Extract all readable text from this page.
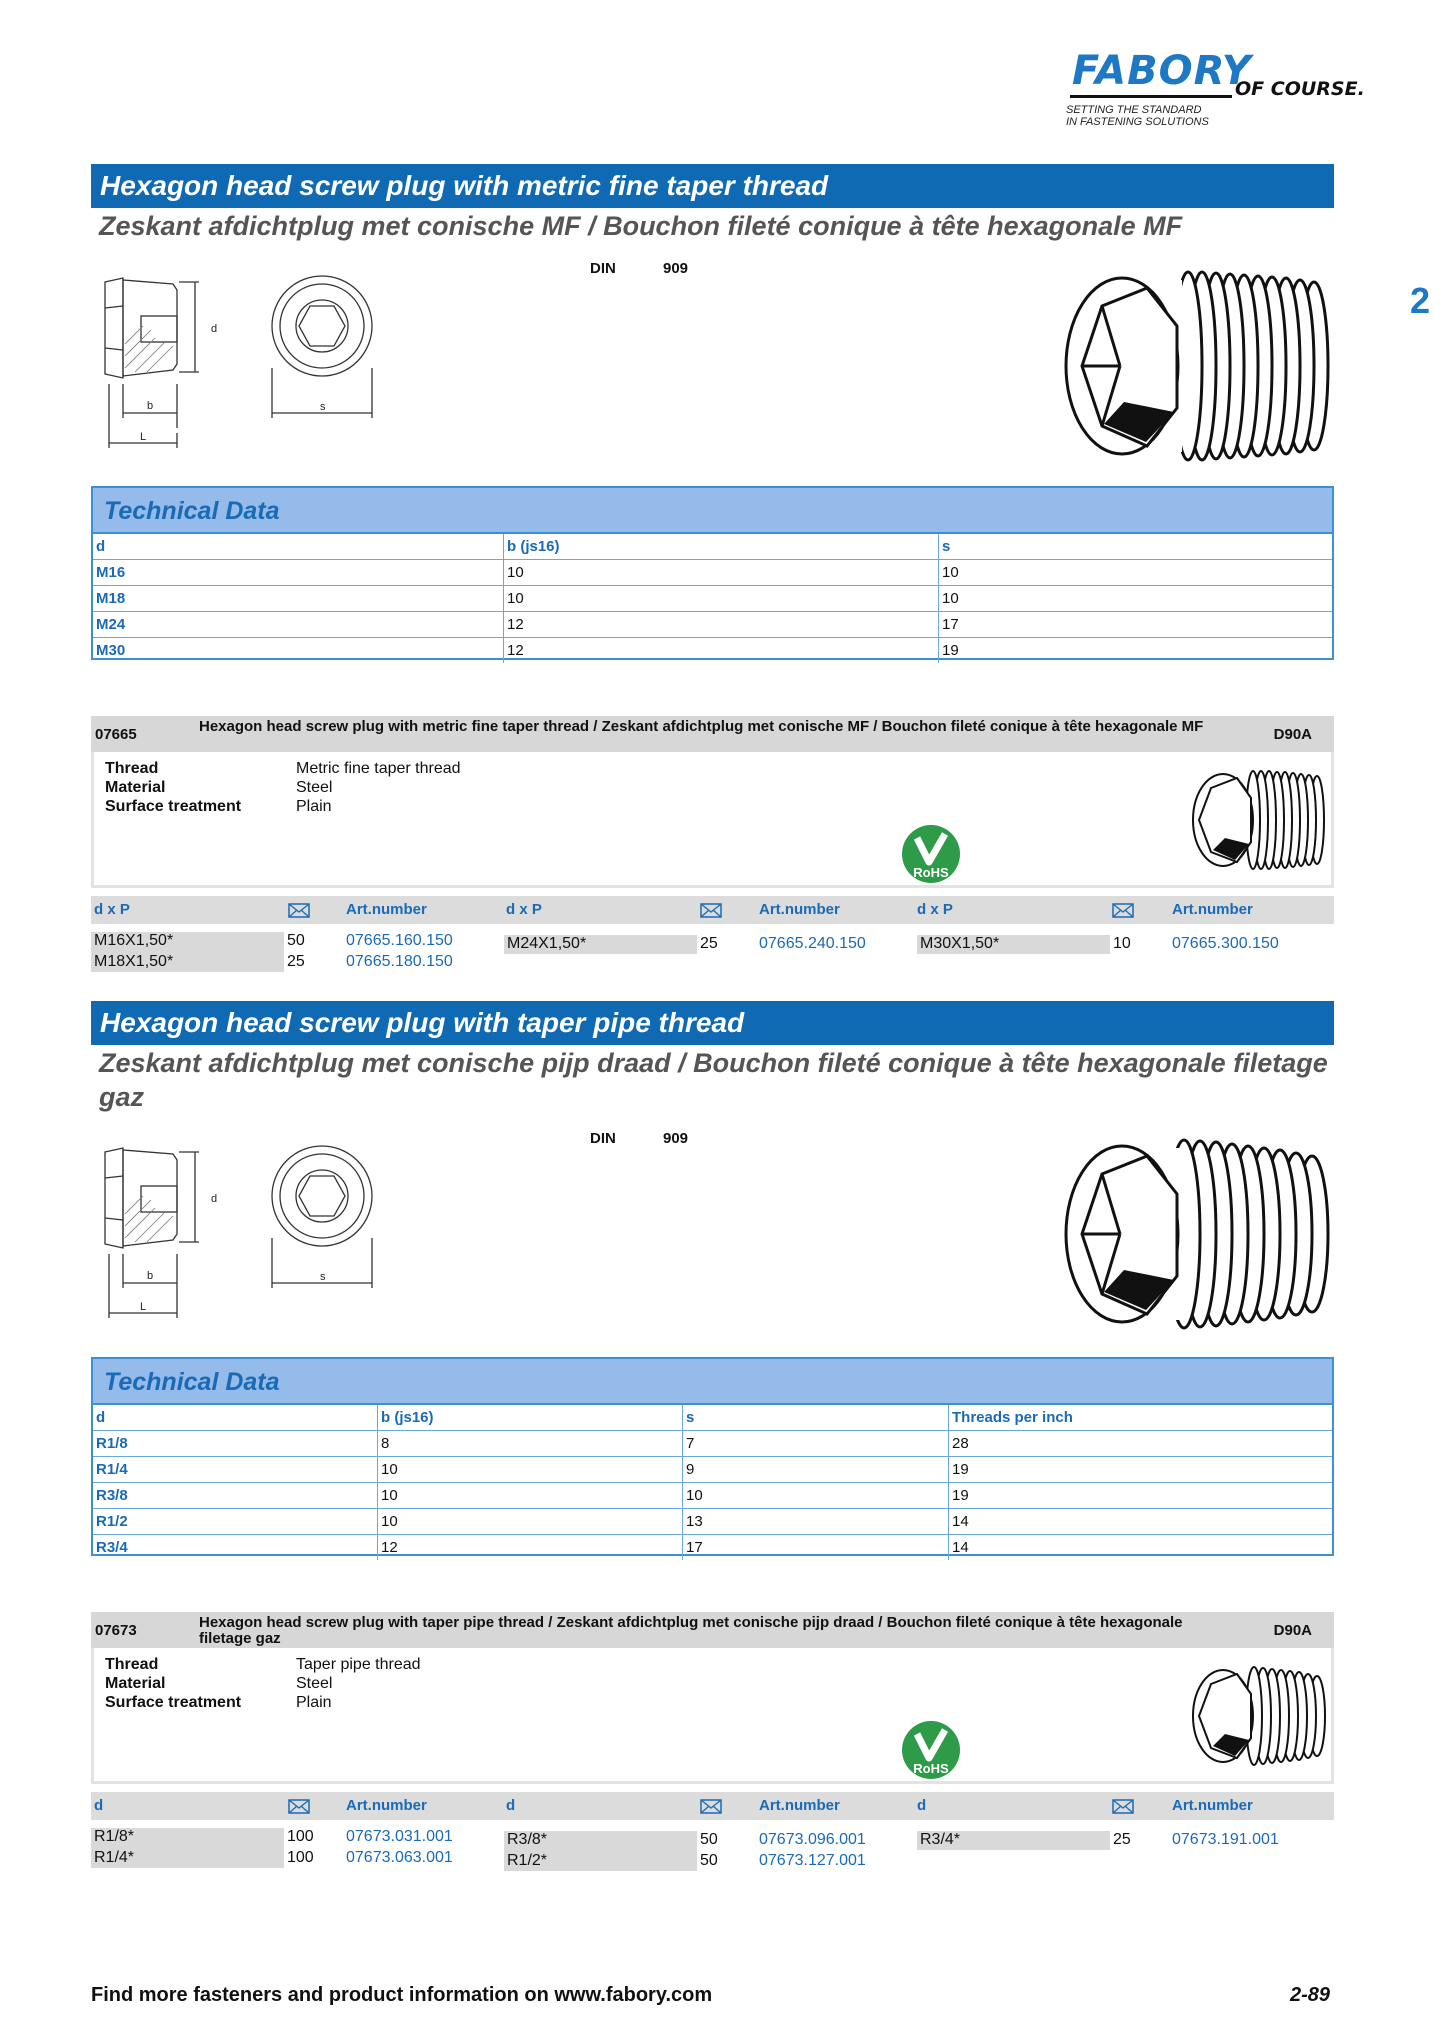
FABORY
OF COURSE.
SETTING THE STANDARD
IN FASTENING SOLUTIONS
2
Hexagon head screw plug with metric fine taper thread
Zeskant afdichtplug met conische MF / Bouchon fileté conique à tête hexagonale MF
DIN	909
d
b
L
s
Technical Data
d	b (js16)	s
M16	10	10
M18	10	10
M24	12	17
M30	12	19
07665	Hexagon head screw plug with metric fine taper thread / Zeskant afdichtplug met conische MF / Bouchon fileté conique à tête hexagonale MF	D90A
Thread	Metric fine taper thread
Material	Steel
Surface treatment	Plain
RoHS
d x P	Art.number	d x P	Art.number	d x P	Art.number
M16X1,50*	50	07665.160.150
M18X1,50*	25	07665.180.150
M24X1,50*	25	07665.240.150	M30X1,50*	10	07665.300.150
Hexagon head screw plug with taper pipe thread
Zeskant afdichtplug met conische pijp draad / Bouchon fileté conique à tête hexagonale filetage gaz
DIN	909
d
b
L
s
Technical Data
d	b (js16)	s	Threads per inch
R1/8	8	7	28
R1/4	10	9	19
R3/8	10	10	19
R1/2	10	13	14
R3/4	12	17	14
07673	Hexagon head screw plug with taper pipe thread / Zeskant afdichtplug met conische pijp draad / Bouchon fileté conique à tête hexagonale filetage gaz	D90A
Thread	Taper pipe thread
Material	Steel
Surface treatment	Plain
RoHS
d	Art.number	d	Art.number	d	Art.number
R1/8*	100 07673.031.001
R1/4*	100 07673.063.001
R3/8*	50	07673.096.001
R1/2*	50	07673.127.001
R3/4*	25	07673.191.001
Find more fasteners and product information on www.fabory.com	2-89
